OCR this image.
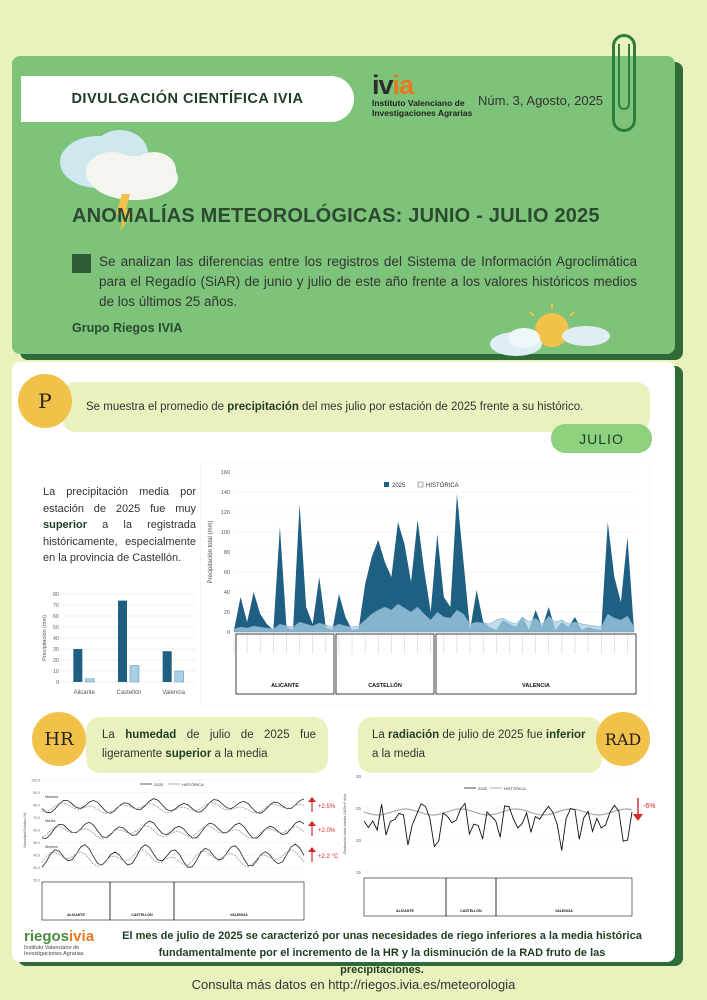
DIVULGACIÓN CIENTÍFICA IVIA	ivia
Instituto Valenciano de Investigaciones Agrarias
Núm. 3, Agosto, 2025
ANOMALÍAS METEOROLÓGICAS: JUNIO - JULIO 2025
Se analizan las diferencias entre los registros del Sistema de Información Agroclimática para el Regadío (SiAR) de junio y julio de este año frente a los valores históricos medios de los últimos 25 años.
Grupo Riegos IVIA
Se muestra el promedio de precipitación del mes julio por estación de 2025 frente a su histórico.
P
JULIO
La precipitación media por estación de 2025 fue muy superior a la registrada históricamente, especialmente en la provincia de Castellón.
0
10
20
30
40
50
60
70
80
Precipitación (mm)
Alicante	Castellón	Valencia
0
20
40
60
80
100
120
140
160
Precipitación total (mm)
2025	HISTÓRICA
ALICANTE	CASTELLÓN	VALENCIA
La humedad de julio de 2025 fue ligeramente superior a la media
HR	La radiación de julio de 2025 fue inferior a la media
RAD
20,0
30,0
40,0
50,0
60,0
70,0
80,0
90,0
100,0
Humedad Relativa (%)
2025	HISTÓRICA
Máxima
Media
Mínima
+2.5%
+2.0%
+2.2 °C
ALICANTE	CASTELLÓN	VALENCIA
15
20
25
30
Radiación total media (MJ/m² día)
2025	HISTÓRICA
-6%
ALICANTE	CASTELLÓN	VALENCIA
riegosivia
Instituto Valenciano de Investigaciones Agrarias
El mes de julio de 2025 se caracterizó por unas necesidades de riego inferiores a la media histórica fundamentalmente por el incremento de la HR y la disminución de la RAD fruto de las precipitaciones.
Consulta más datos en http://riegos.ivia.es/meteorologia
